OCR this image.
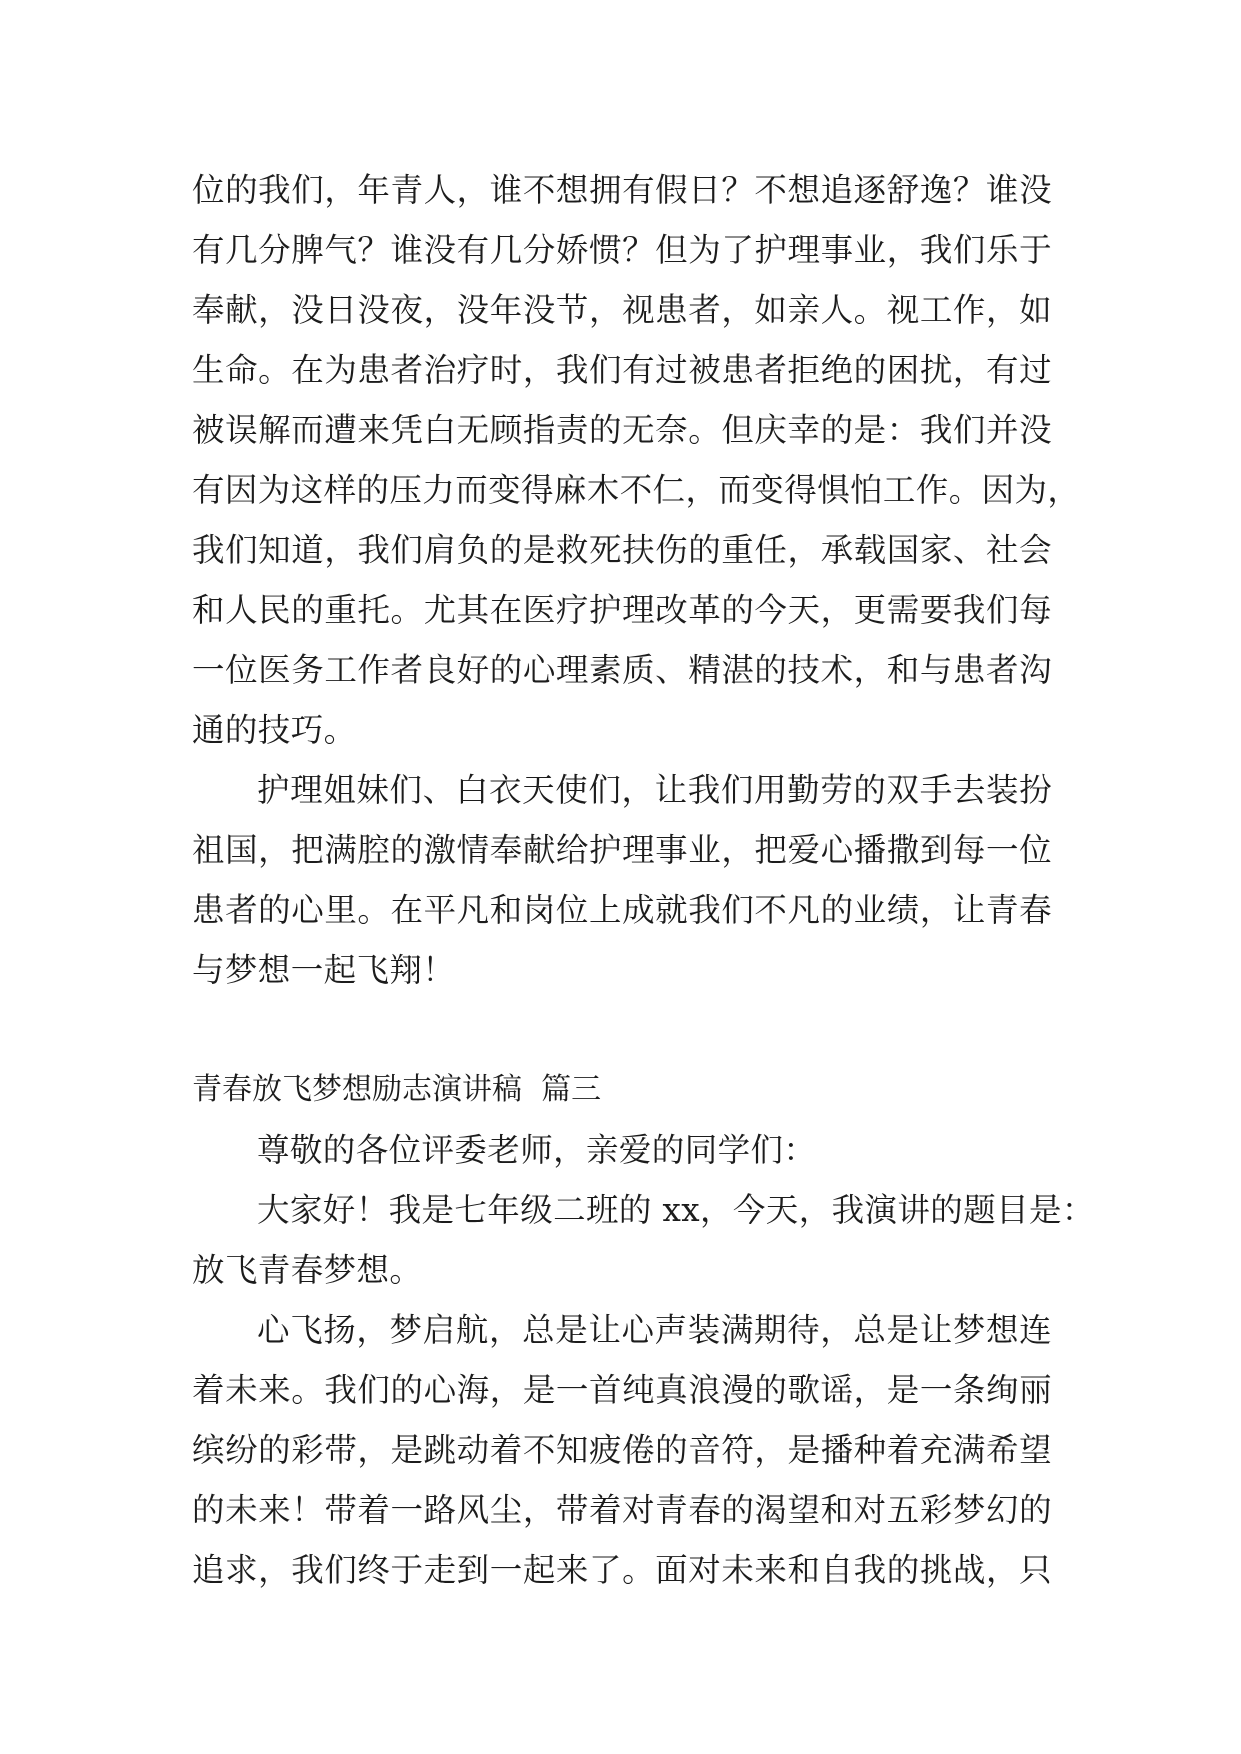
位的我们，年青人，谁不想拥有假日？不想追逐舒逸？谁没
有几分脾气？谁没有几分娇惯？但为了护理事业，我们乐于
奉献，没日没夜，没年没节，视患者，如亲人。视工作，如
生命。在为患者治疗时，我们有过被患者拒绝的困扰，有过
被误解而遭来凭白无顾指责的无奈。但庆幸的是：我们并没
有因为这样的压力而变得麻木不仁，而变得惧怕工作。因为，
我们知道，我们肩负的是救死扶伤的重任，承载国家、社会
和人民的重托。尤其在医疗护理改革的今天，更需要我们每
一位医务工作者良好的心理素质、精湛的技术，和与患者沟
通的技巧。
护理姐妹们、白衣天使们，让我们用勤劳的双手去装扮
祖国，把满腔的激情奉献给护理事业，把爱心播撒到每一位
患者的心里。在平凡和岗位上成就我们不凡的业绩，让青春
与梦想一起飞翔！
青春放飞梦想励志演讲稿  篇三
尊敬的各位评委老师，亲爱的同学们：
大家好！我是七年级二班的 xx，今天，我演讲的题目是：
放飞青春梦想。
心飞扬，梦启航，总是让心声装满期待，总是让梦想连
着未来。我们的心海，是一首纯真浪漫的歌谣，是一条绚丽
缤纷的彩带，是跳动着不知疲倦的音符，是播种着充满希望
的未来！带着一路风尘，带着对青春的渴望和对五彩梦幻的
追求，我们终于走到一起来了。面对未来和自我的挑战，只
